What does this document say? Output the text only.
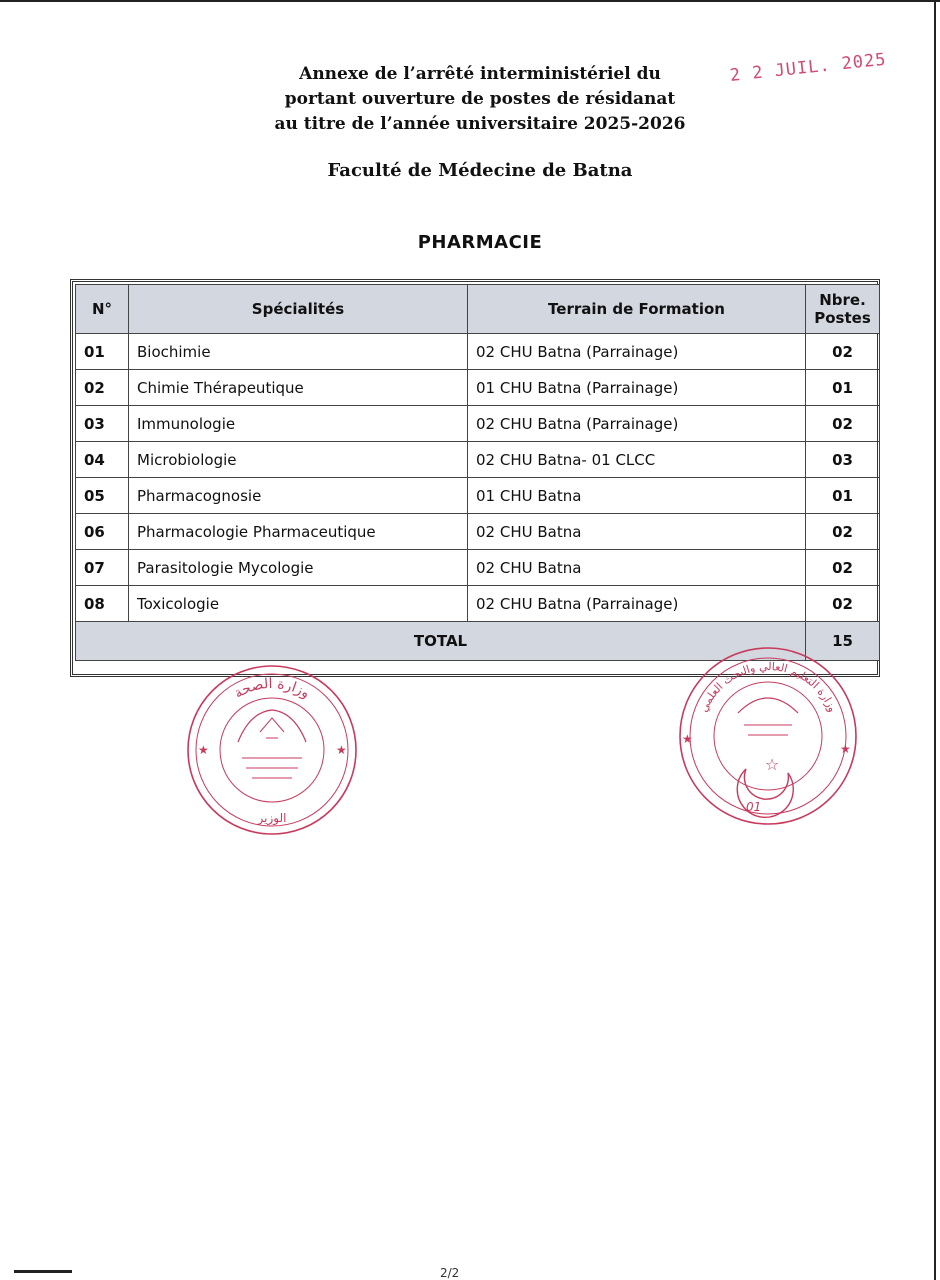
Annexe de l’arrêté interministériel du
portant ouverture de postes de résidanat
au titre de l’année universitaire 2025-2026
2 2 JUIL. 2025
Faculté de Médecine de Batna
PHARMACIE
N°	Spécialités	Terrain de Formation	Nbre.
Postes
01	Biochimie	02 CHU Batna (Parrainage)	02
02	Chimie Thérapeutique	01 CHU Batna (Parrainage)	01
03	Immunologie	02 CHU Batna (Parrainage)	02
04	Microbiologie	02 CHU Batna- 01 CLCC	03
05	Pharmacognosie	01 CHU Batna	01
06	Pharmacologie Pharmaceutique	02 CHU Batna	02
07	Parasitologie Mycologie	02 CHU Batna	02
08	Toxicologie	02 CHU Batna (Parrainage)	02
TOTAL			15
وزارة الصحة
الوزير
★	★
☆
وزارة التعليم العالي والبحث العلمي
01
★
★
2/2
